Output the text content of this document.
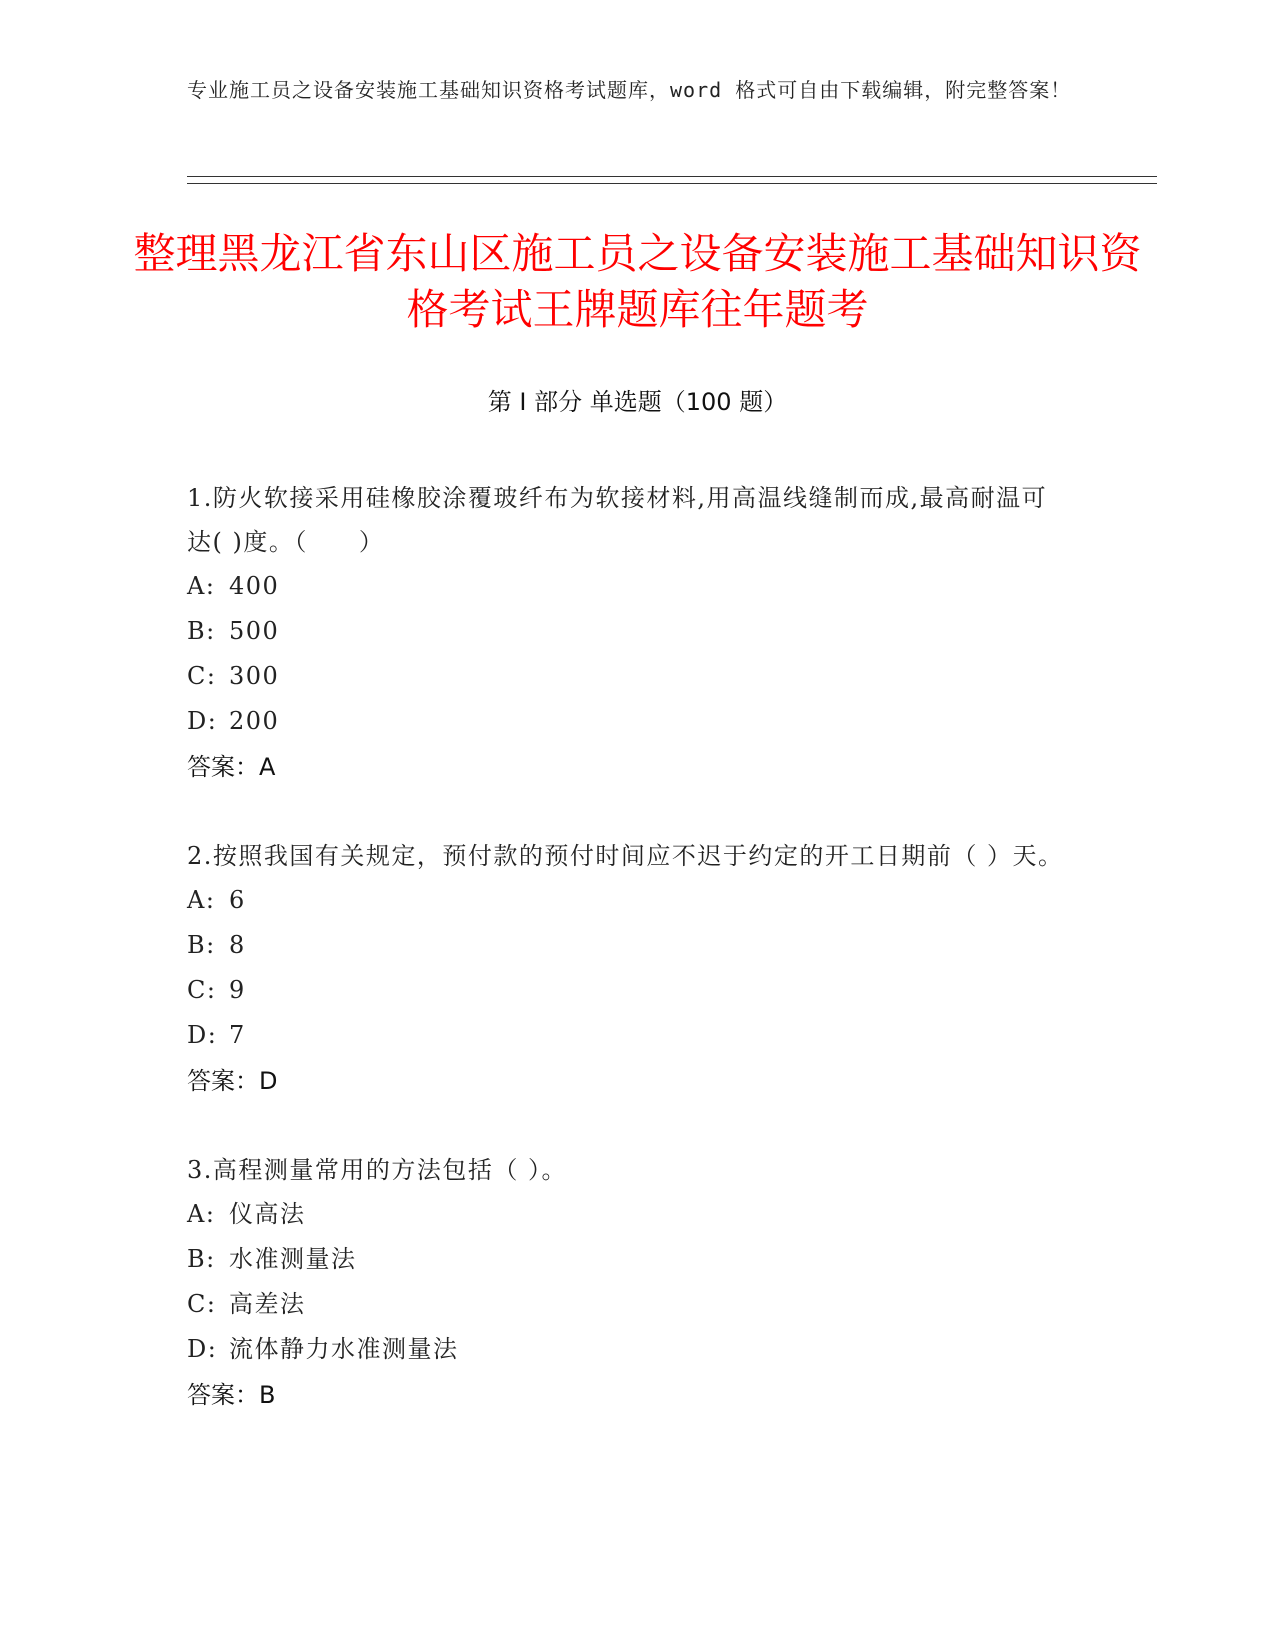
专业施工员之设备安装施工基础知识资格考试题库，word 格式可自由下载编辑，附完整答案！
整理黑龙江省东山区施工员之设备安装施工基础知识资格考试王牌题库往年题考
第 I 部分 单选题（100 题）
1.防火软接采用硅橡胶涂覆玻纤布为软接材料,用高温线缝制而成,最高耐温可达( )度。（　　）
A: 400
B: 500
C: 300
D: 200
答案：A
2.按照我国有关规定，预付款的预付时间应不迟于约定的开工日期前（ ）天。
A: 6
B: 8
C: 9
D: 7
答案：D
3.高程测量常用的方法包括（ ）。
A: 仪高法
B: 水准测量法
C: 高差法
D: 流体静力水准测量法
答案：B
